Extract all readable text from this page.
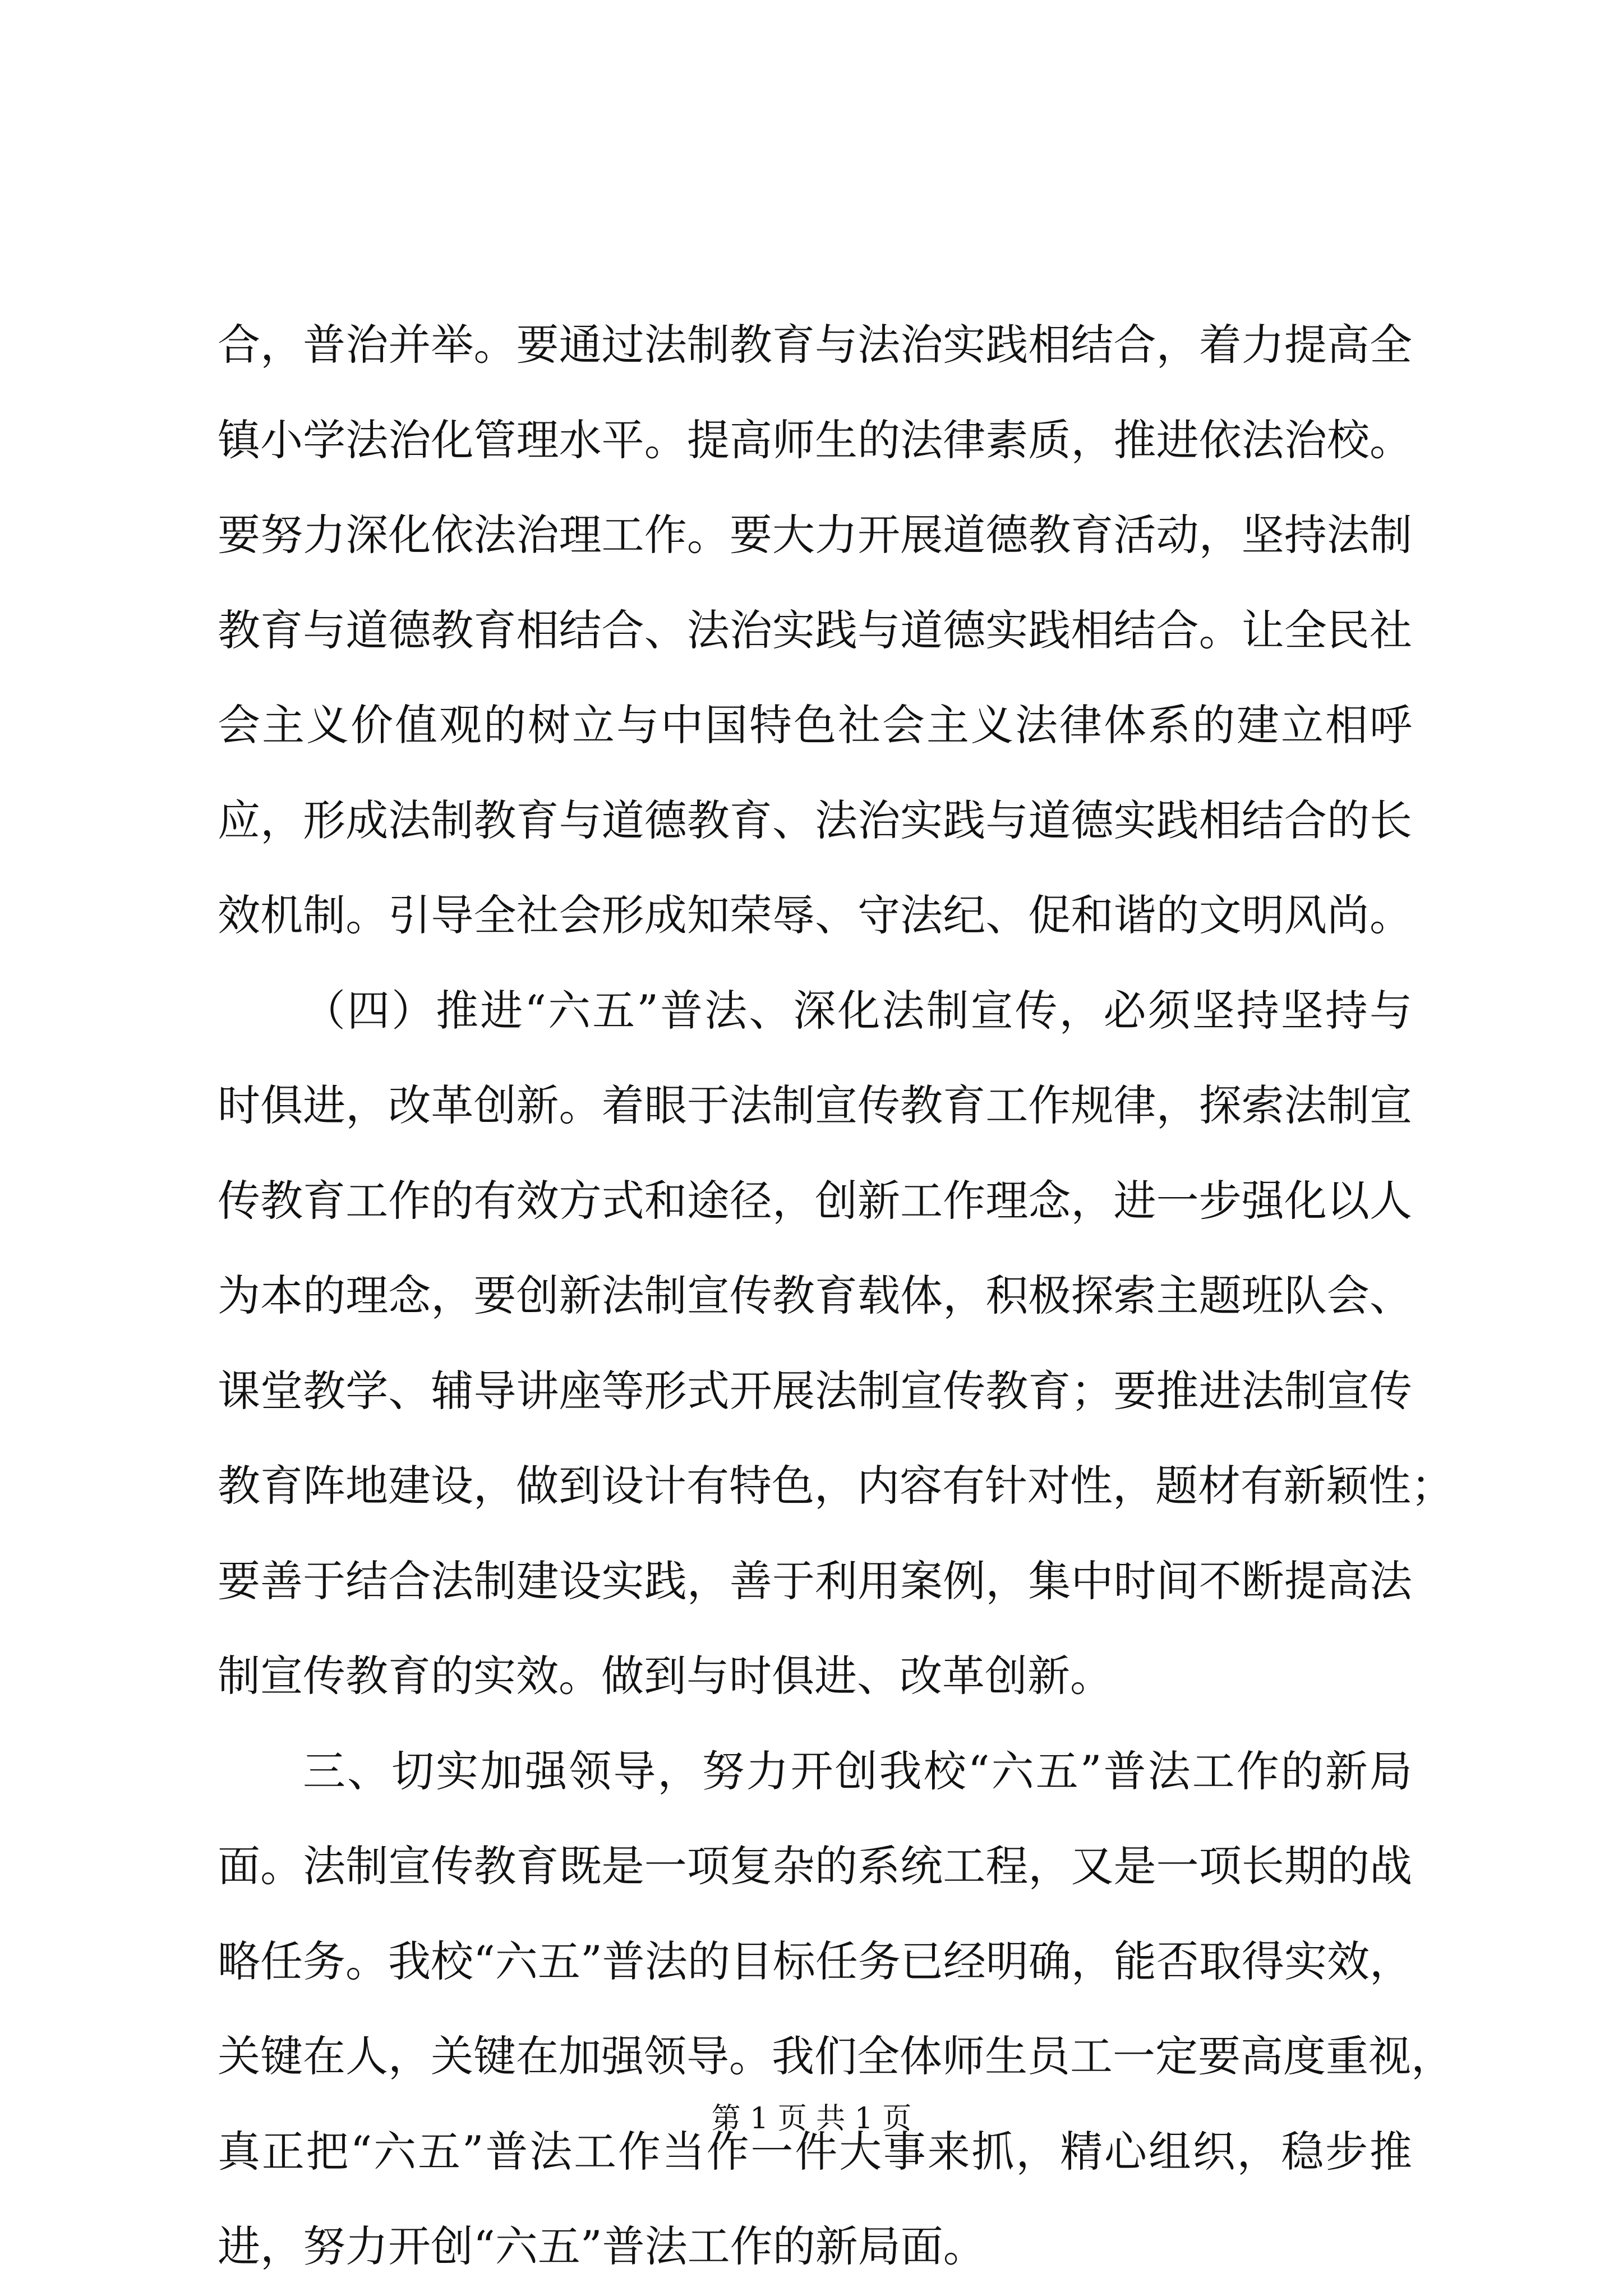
合，普治并举。要通过法制教育与法治实践相结合，着力提高全
镇小学法治化管理水平。提高师生的法律素质，推进依法治校。
要努力深化依法治理工作。要大力开展道德教育活动，坚持法制
教育与道德教育相结合、法治实践与道德实践相结合。让全民社
会主义价值观的树立与中国特色社会主义法律体系的建立相呼
应，形成法制教育与道德教育、法治实践与道德实践相结合的长
效机制。引导全社会形成知荣辱、守法纪、促和谐的文明风尚。
（四）推进“六五”普法、深化法制宣传，必须坚持坚持与
时俱进，改革创新。着眼于法制宣传教育工作规律，探索法制宣
传教育工作的有效方式和途径，创新工作理念，进一步强化以人
为本的理念，要创新法制宣传教育载体，积极探索主题班队会、
课堂教学、辅导讲座等形式开展法制宣传教育；要推进法制宣传
教育阵地建设，做到设计有特色，内容有针对性，题材有新颖性；
要善于结合法制建设实践，善于利用案例，集中时间不断提高法
制宣传教育的实效。做到与时俱进、改革创新。
三、切实加强领导，努力开创我校“六五”普法工作的新局
面。法制宣传教育既是一项复杂的系统工程，又是一项长期的战
略任务。我校“六五”普法的目标任务已经明确，能否取得实效，
关键在人，关键在加强领导。我们全体师生员工一定要高度重视，
真正把“六五”普法工作当作一件大事来抓，精心组织，稳步推
进，努力开创“六五”普法工作的新局面。
第 1 页 共 1 页
